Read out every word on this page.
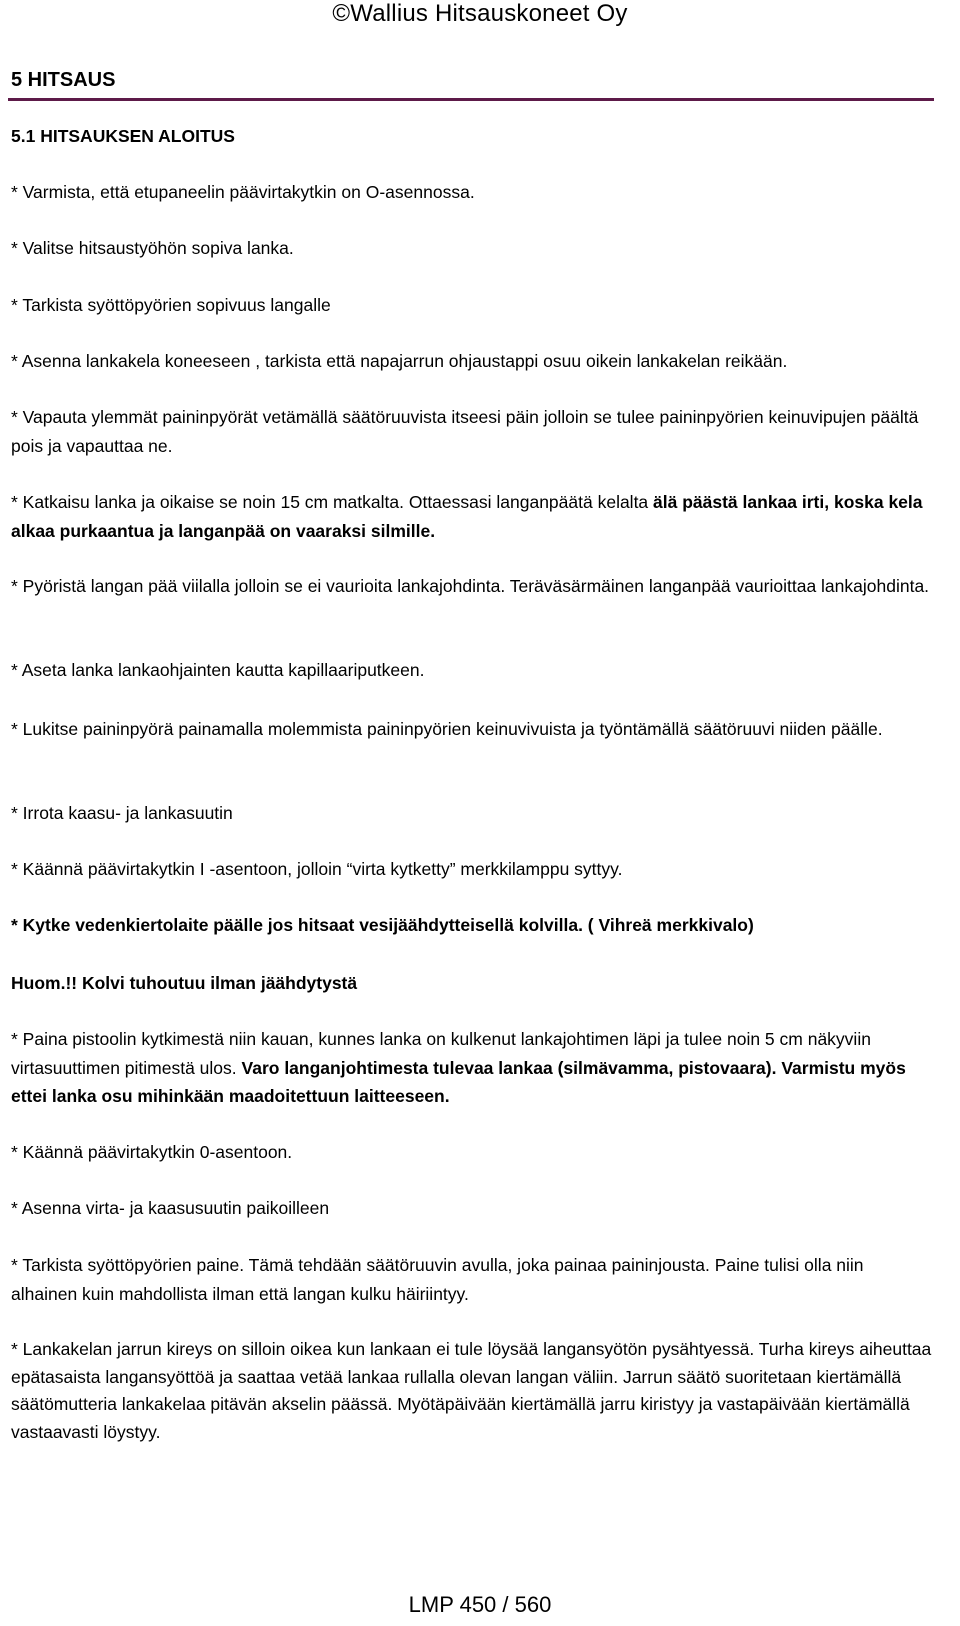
©Wallius Hitsauskoneet Oy
5 HITSAUS
5.1 HITSAUKSEN ALOITUS
* Varmista, että etupaneelin päävirtakytkin on O-asennossa.
* Valitse hitsaustyöhön sopiva lanka.
* Tarkista syöttöpyörien sopivuus langalle
* Asenna lankakela koneeseen , tarkista että napajarrun ohjaustappi osuu oikein lankakelan reikään.
* Vapauta ylemmät paininpyörät vetämällä säätöruuvista itseesi päin jolloin se tulee paininpyörien keinuvipujen päältä pois ja vapauttaa ne.
* Katkaisu lanka ja oikaise se noin 15 cm matkalta. Ottaessasi langanpäätä kelalta älä päästä lankaa irti, koska kela alkaa purkaantua ja langanpää on vaaraksi silmille.
* Pyöristä langan pää viilalla jolloin se ei vaurioita lankajohdinta. Teräväsärmäinen langanpää vaurioittaa lankajohdinta.
* Aseta lanka lankaohjainten kautta kapillaariputkeen.
* Lukitse paininpyörä painamalla molemmista paininpyörien keinuvivuista ja työntämällä säätöruuvi niiden päälle.
* Irrota kaasu- ja lankasuutin
* Käännä päävirtakytkin I -asentoon, jolloin “virta kytketty” merkkilamppu syttyy.
* Kytke vedenkiertolaite päälle jos hitsaat vesijäähdytteisellä kolvilla. ( Vihreä merkkivalo)
Huom.!! Kolvi tuhoutuu ilman jäähdytystä
* Paina pistoolin kytkimestä niin kauan, kunnes lanka on kulkenut lankajohtimen läpi ja tulee noin 5 cm näkyviin virtasuuttimen pitimestä ulos. Varo langanjohtimesta tulevaa lankaa (silmävamma, pistovaara). Varmistu myös ettei lanka osu mihinkään maadoitettuun laitteeseen.
* Käännä päävirtakytkin 0-asentoon.
* Asenna virta- ja kaasusuutin paikoilleen
* Tarkista syöttöpyörien paine. Tämä tehdään säätöruuvin avulla, joka painaa paininjousta. Paine tulisi olla niin alhainen kuin mahdollista ilman että langan kulku häiriintyy.
* Lankakelan jarrun kireys on silloin oikea kun lankaan ei tule löysää langansyötön pysähtyessä. Turha kireys aiheuttaa epätasaista langansyöttöä ja saattaa vetää lankaa rullalla olevan langan väliin. Jarrun säätö suoritetaan kiertämällä säätömutteria lankakelaa pitävän akselin päässä. Myötäpäivään kiertämällä jarru kiristyy ja vastapäivään kiertämällä vastaavasti löystyy.
LMP 450 / 560
